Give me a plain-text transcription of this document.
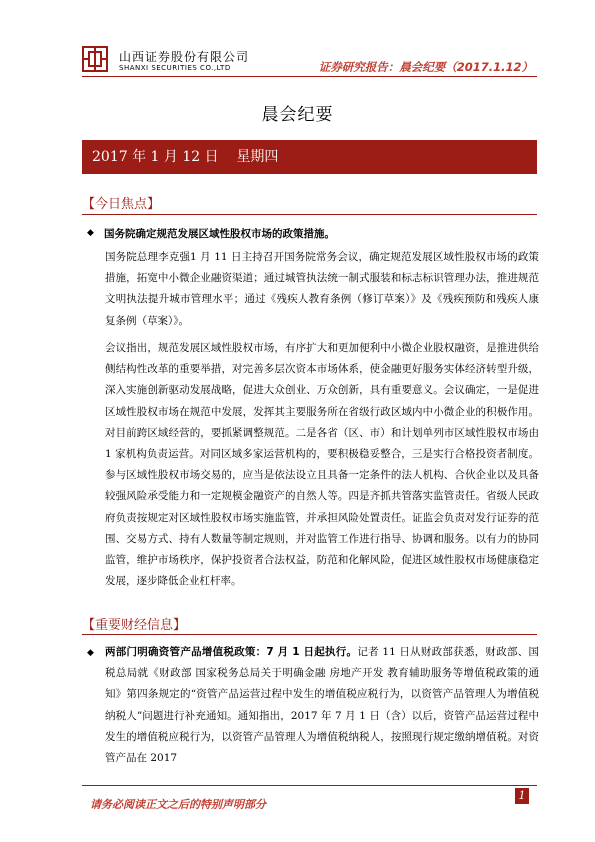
山西证券股份有限公司
SHANXI SECURITIES CO.,LTD	证券研究报告：晨会纪要（2017.1.12）
晨会纪要
2017 年 1 月 12 日    星期四
【今日焦点】
◆ 国务院确定规范发展区域性股权市场的政策措施。
国务院总理李克强1 月 11 日主持召开国务院常务会议，确定规范发展区域性股权市场的政策措施，拓宽中小微企业融资渠道；通过城管执法统一制式服装和标志标识管理办法，推进规范文明执法提升城市管理水平；通过《残疾人教育条例（修订草案）》及《残疾预防和残疾人康复条例（草案）》。
会议指出，规范发展区域性股权市场，有序扩大和更加便利中小微企业股权融资，是推进供给侧结构性改革的重要举措，对完善多层次资本市场体系，使金融更好服务实体经济转型升级，深入实施创新驱动发展战略，促进大众创业、万众创新，具有重要意义。会议确定，一是促进区域性股权市场在规范中发展，发挥其主要服务所在省级行政区域内中小微企业的积极作用。对目前跨区域经营的，要抓紧调整规范。二是各省（区、市）和计划单列市区域性股权市场由1 家机构负责运营。对同区域多家运营机构的，要积极稳妥整合，三是实行合格投资者制度。参与区域性股权市场交易的，应当是依法设立且具备一定条件的法人机构、合伙企业以及具备较强风险承受能力和一定规模金融资产的自然人等。四是齐抓共管落实监管责任。省级人民政府负责按规定对区域性股权市场实施监管，并承担风险处置责任。证监会负责对发行证券的范围、交易方式、持有人数量等制定规则，并对监管工作进行指导、协调和服务。以有力的协同监管，维护市场秩序，保护投资者合法权益，防范和化解风险，促进区域性股权市场健康稳定发展，逐步降低企业杠杆率。
【重要财经信息】
◆ 两部门明确资管产品增值税政策：7 月 1 日起执行。记者 11 日从财政部获悉，财政部、国税总局就《财政部 国家税务总局关于明确金融 房地产开发 教育辅助服务等增值税政策的通知》第四条规定的“资管产品运营过程中发生的增值税应税行为，以资管产品管理人为增值税纳税人”问题进行补充通知。通知指出，2017 年 7 月 1 日（含）以后，资管产品运营过程中发生的增值税应税行为，以资管产品管理人为增值税纳税人，按照现行规定缴纳增值税。对资管产品在 2017
请务必阅读正文之后的特别声明部分
1
